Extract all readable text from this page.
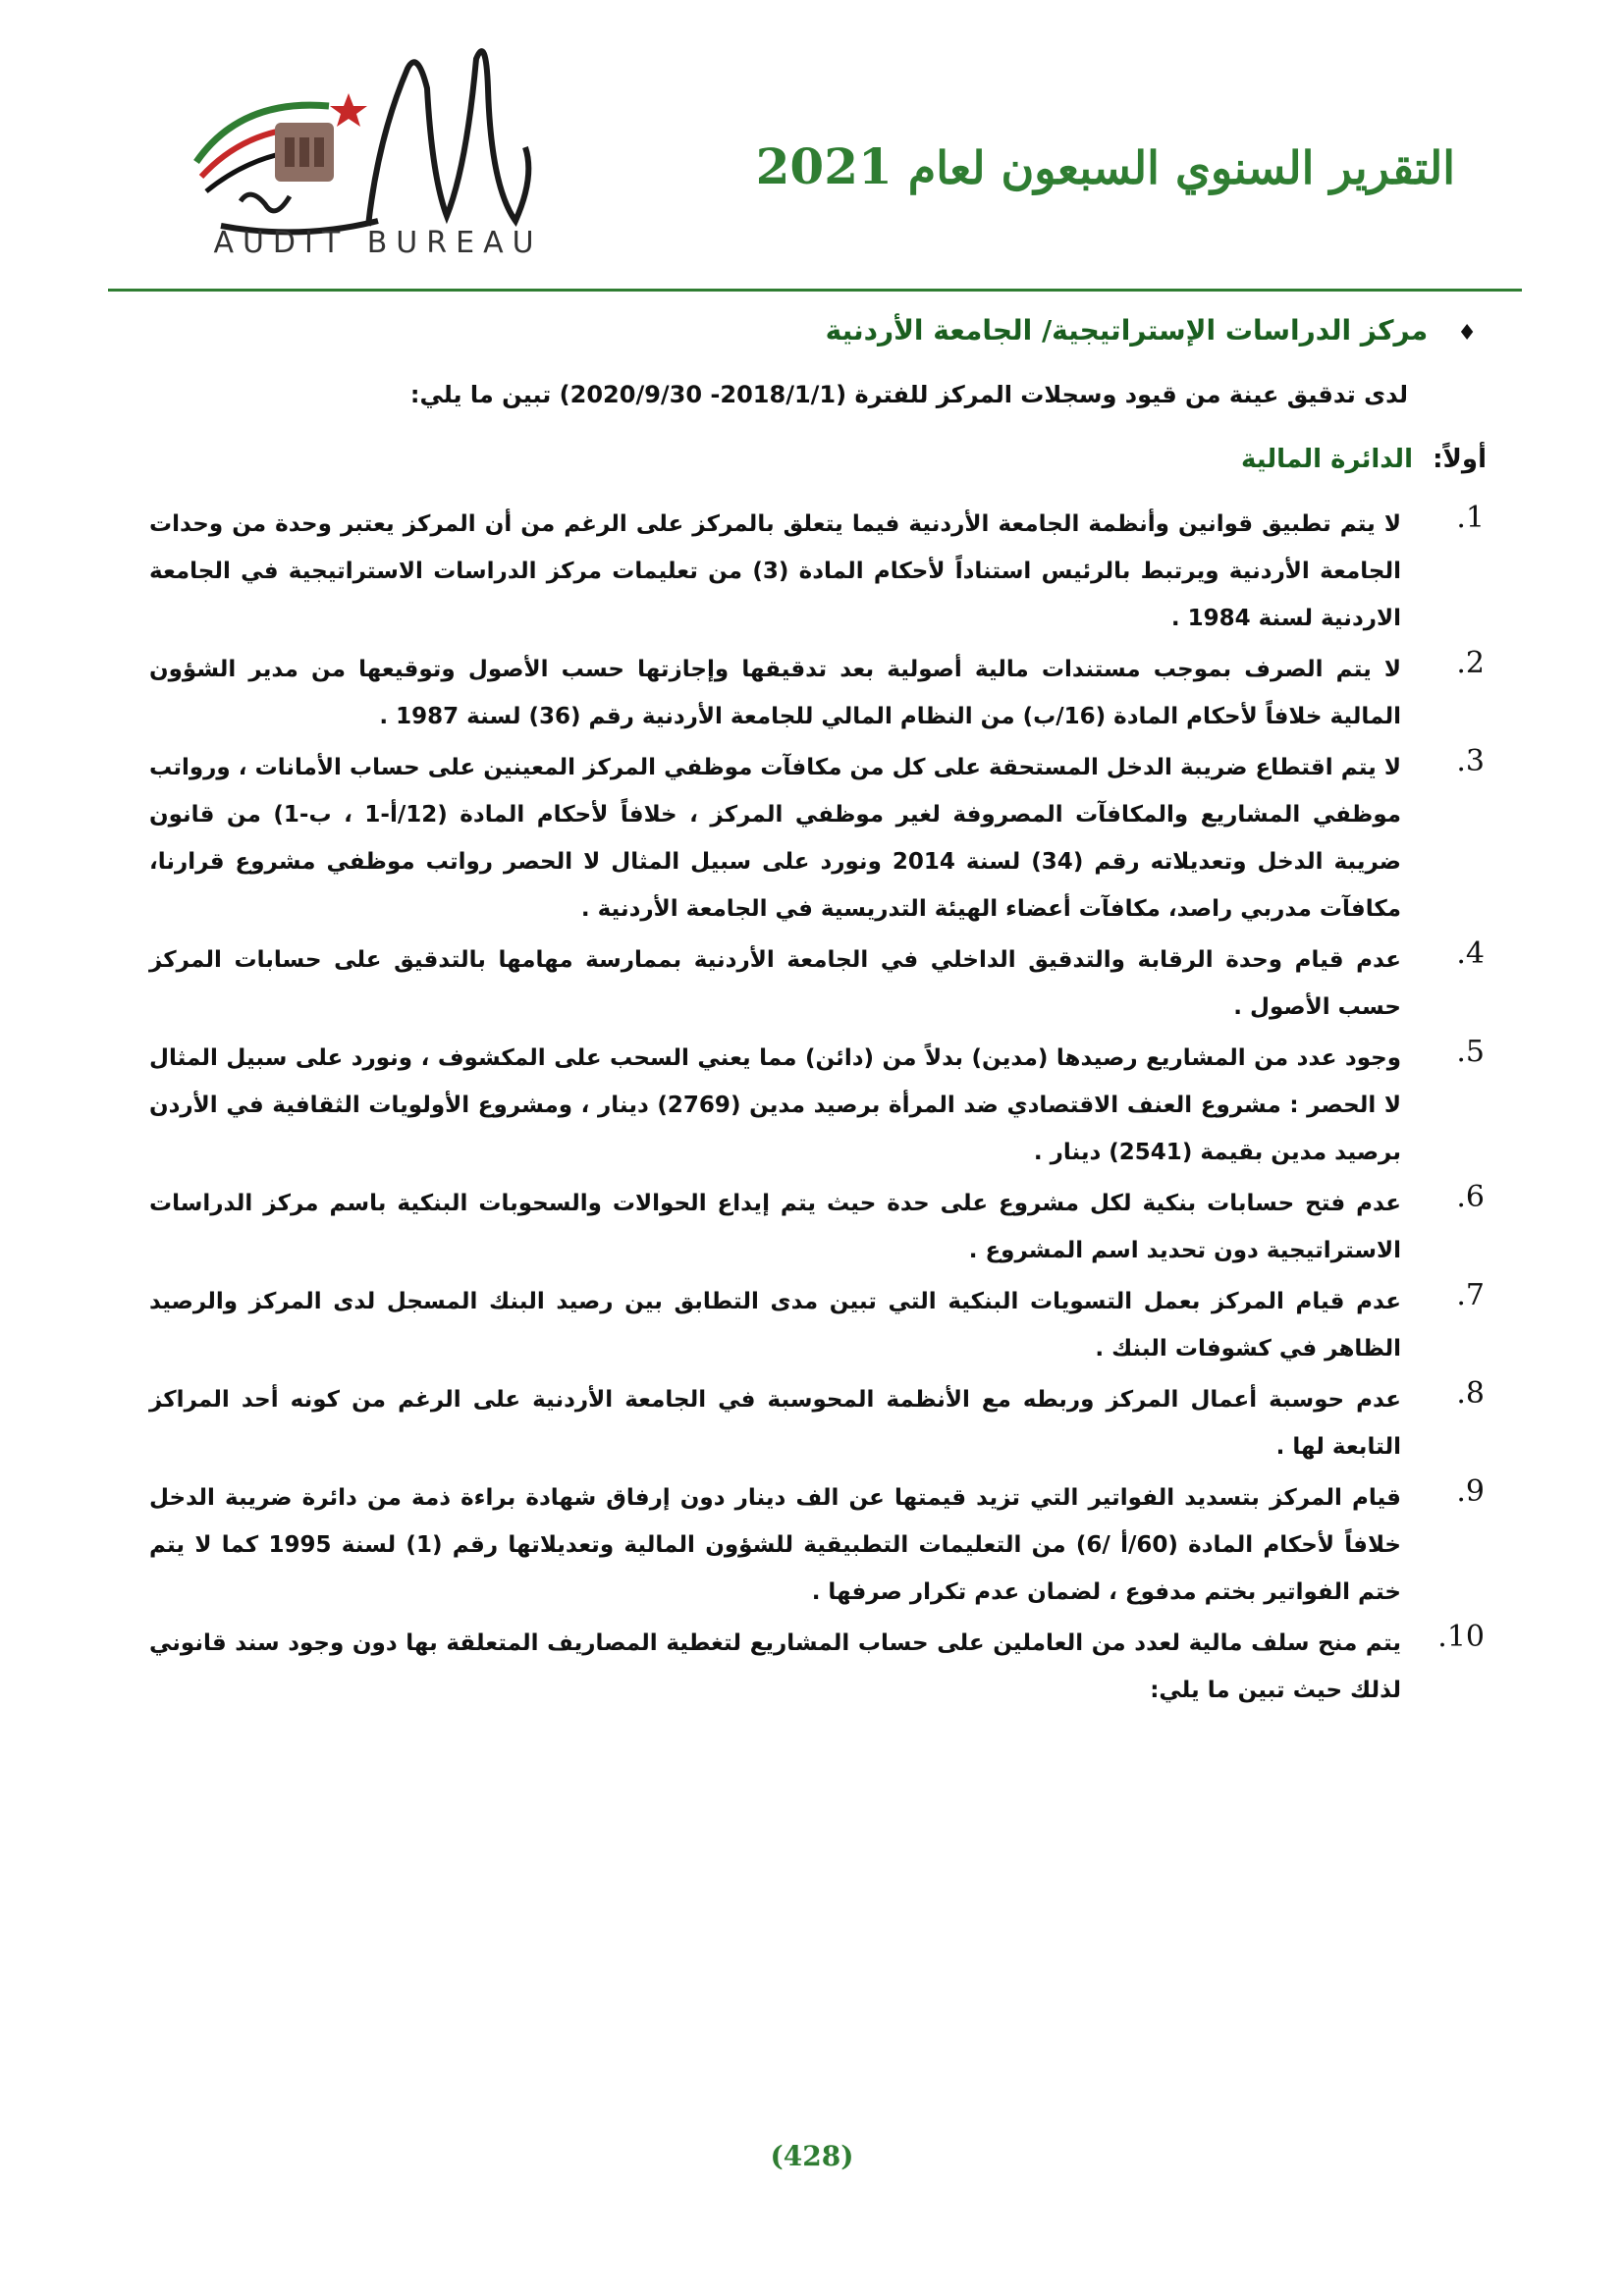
AUDIT BUREAU
التقرير السنوي السبعون لعام 2021
♦مركز الدراسات الإستراتيجية/ الجامعة الأردنية
لدى تدقيق عينة من قيود وسجلات المركز للفترة (2018/1/1- 2020/9/30) تبين ما يلي:
أولاً:الدائرة المالية
1.
لا يتم تطبيق قوانين وأنظمة الجامعة الأردنية فيما يتعلق بالمركز على الرغم من أن المركز يعتبر وحدة من وحدات الجامعة الأردنية ويرتبط بالرئيس استناداً لأحكام المادة (3) من تعليمات مركز الدراسات الاستراتيجية في الجامعة الاردنية لسنة 1984 .
2.
لا يتم الصرف بموجب مستندات مالية أصولية بعد تدقيقها وإجازتها حسب الأصول وتوقيعها من مدير الشؤون المالية خلافاً لأحكام المادة (16/ب) من النظام المالي للجامعة الأردنية رقم (36) لسنة 1987 .
3.
لا يتم اقتطاع ضريبة الدخل المستحقة على كل من مكافآت موظفي المركز المعينين على حساب الأمانات ، ورواتب موظفي المشاريع والمكافآت المصروفة لغير موظفي المركز ، خلافاً لأحكام المادة (12/أ-1 ، ب-1) من قانون ضريبة الدخل وتعديلاته رقم (34) لسنة 2014 ونورد على سبيل المثال لا الحصر رواتب موظفي مشروع قرارنا، مكافآت مدربي راصد، مكافآت أعضاء الهيئة التدريسية في الجامعة الأردنية .
4.
عدم قيام وحدة الرقابة والتدقيق الداخلي في الجامعة الأردنية بممارسة مهامها بالتدقيق على حسابات المركز حسب الأصول .
5.
وجود عدد من المشاريع رصيدها (مدين) بدلاً من (دائن) مما يعني السحب على المكشوف ، ونورد على سبيل المثال لا الحصر : مشروع العنف الاقتصادي ضد المرأة برصيد مدين (2769) دينار ، ومشروع الأولويات الثقافية في الأردن برصيد مدين بقيمة (2541) دينار .
6.
عدم فتح حسابات بنكية لكل مشروع على حدة حيث يتم إيداع الحوالات والسحوبات البنكية باسم مركز الدراسات الاستراتيجية دون تحديد اسم المشروع .
7.
عدم قيام المركز بعمل التسويات البنكية التي تبين مدى التطابق بين رصيد البنك المسجل لدى المركز والرصيد الظاهر في كشوفات البنك .
8.
عدم حوسبة أعمال المركز وربطه مع الأنظمة المحوسبة في الجامعة الأردنية على الرغم من كونه أحد المراكز التابعة لها .
9.
قيام المركز بتسديد الفواتير التي تزيد قيمتها عن الف دينار دون إرفاق شهادة براءة ذمة من دائرة ضريبة الدخل خلافاً لأحكام المادة (60/أ /6) من التعليمات التطبيقية للشؤون المالية وتعديلاتها رقم (1) لسنة 1995 كما لا يتم ختم الفواتير بختم مدفوع ، لضمان عدم تكرار صرفها .
10.
يتم منح سلف مالية لعدد من العاملين على حساب المشاريع لتغطية المصاريف المتعلقة بها دون وجود سند قانوني لذلك حيث تبين ما يلي:
(428)
